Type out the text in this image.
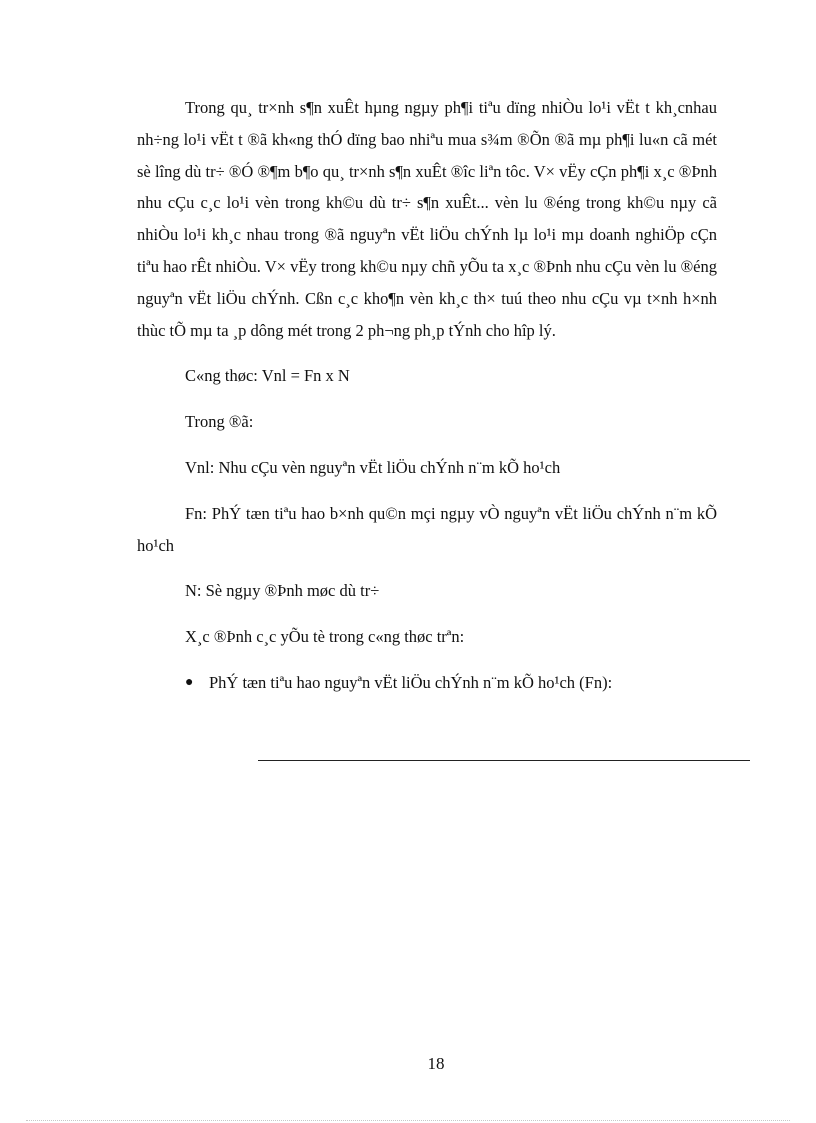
Trong qu¸ tr×nh s¶n xuÊt hµng ngµy ph¶i tiªu dïng nhiÒu lo¹i vËt t kh¸cnhau nh÷ng lo¹i vËt t ®ã kh«ng thÓ dïng bao nhiªu mua s¾m ®Õn ®ã mµ ph¶i lu«n cã mét sè lîng dù tr÷ ®Ó ®¶m b¶o qu¸ tr×nh s¶n xuÊt ®îc liªn tôc. V× vËy cÇn ph¶i x¸c ®Þnh nhu cÇu c¸c lo¹i vèn trong kh©u dù tr÷ s¶n xuÊt... vèn lu ®éng trong kh©u nµy cã nhiÒu lo¹i kh¸c nhau trong ®ã nguyªn vËt liÖu chÝnh lµ lo¹i mµ doanh nghiÖp cÇn tiªu hao rÊt nhiÒu. V× vËy trong kh©u nµy chñ yÕu ta x¸c ®Þnh nhu cÇu vèn lu ®éng nguyªn vËt liÖu chÝnh. Cßn c¸c kho¶n vèn kh¸c th× tuú theo nhu cÇu vµ t×nh h×nh thùc tÕ mµ ta ¸p dông mét trong 2 ph¬ng ph¸p tÝnh cho hîp lý.

C«ng thøc: Vnl = Fn x N

Trong ®ã:

Vnl: Nhu cÇu vèn nguyªn vËt liÖu chÝnh n¨m kÕ ho¹ch

Fn: PhÝ tæn tiªu hao b×nh qu©n mçi ngµy vÒ nguyªn vËt liÖu chÝnh n¨m kÕ ho¹ch

N: Sè ngµy ®Þnh møc dù tr÷

X¸c ®Þnh c¸c yÕu tè trong c«ng thøc trªn:

● PhÝ tæn tiªu hao nguyªn vËt liÖu chÝnh n¨m kÕ ho¹ch (Fn):
18
